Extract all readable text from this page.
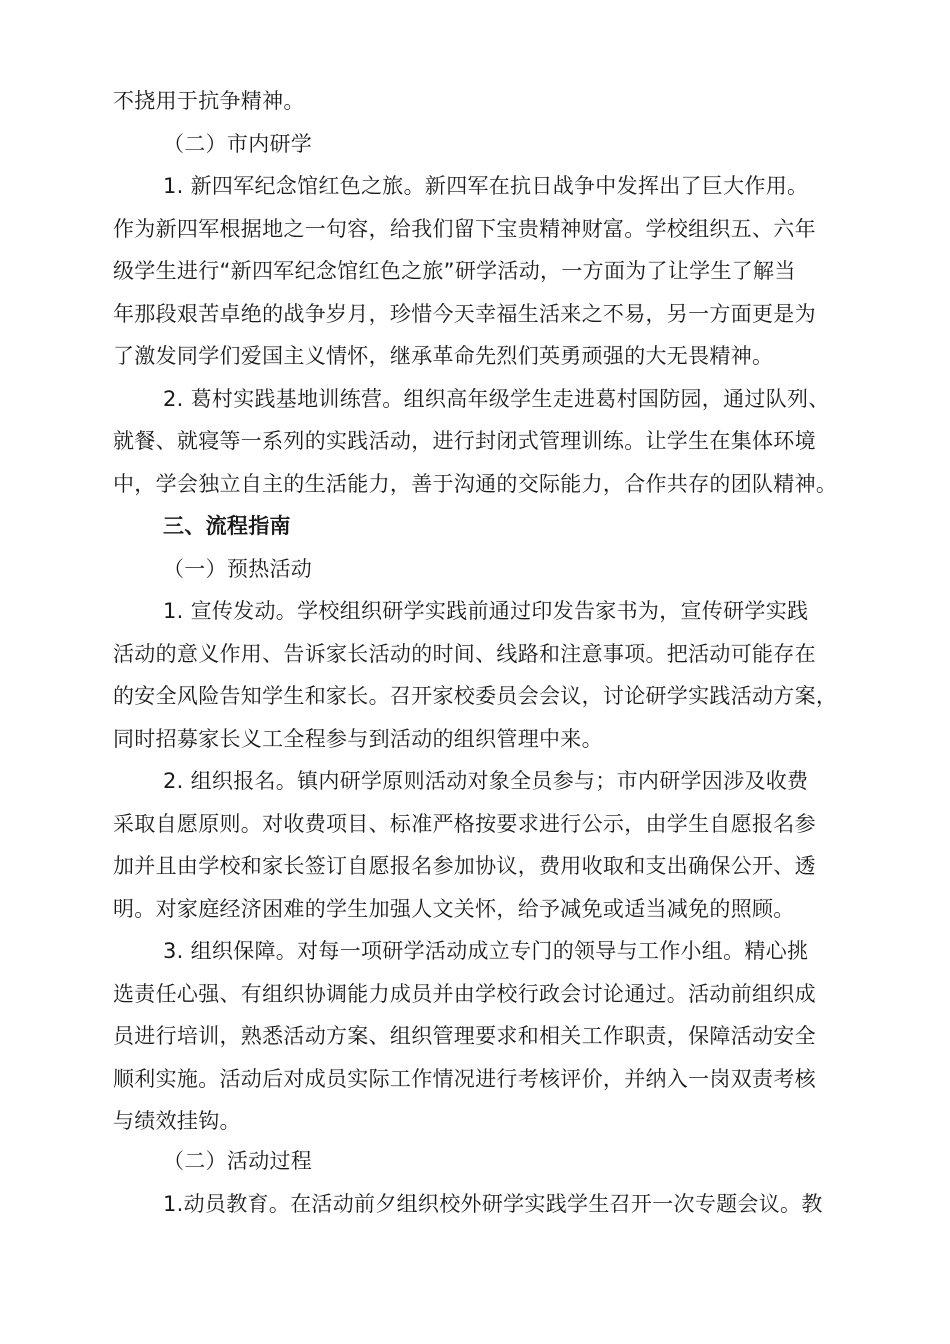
不挠用于抗争精神。
（二）市内研学
1. 新四军纪念馆红色之旅。新四军在抗日战争中发挥出了巨大作用。
作为新四军根据地之一句容，给我们留下宝贵精神财富。学校组织五、六年
级学生进行“新四军纪念馆红色之旅”研学活动，一方面为了让学生了解当
年那段艰苦卓绝的战争岁月，珍惜今天幸福生活来之不易，另一方面更是为
了激发同学们爱国主义情怀，继承革命先烈们英勇顽强的大无畏精神。
2. 葛村实践基地训练营。组织高年级学生走进葛村国防园，通过队列、
就餐、就寝等一系列的实践活动，进行封闭式管理训练。让学生在集体环境
中，学会独立自主的生活能力，善于沟通的交际能力，合作共存的团队精神。
三、流程指南
（一）预热活动
1. 宣传发动。学校组织研学实践前通过印发告家书为，宣传研学实践
活动的意义作用、告诉家长活动的时间、线路和注意事项。把活动可能存在
的安全风险告知学生和家长。召开家校委员会会议，讨论研学实践活动方案，
同时招募家长义工全程参与到活动的组织管理中来。
2. 组织报名。镇内研学原则活动对象全员参与；市内研学因涉及收费
采取自愿原则。对收费项目、标准严格按要求进行公示，由学生自愿报名参
加并且由学校和家长签订自愿报名参加协议，费用收取和支出确保公开、透
明。对家庭经济困难的学生加强人文关怀，给予减免或适当减免的照顾。
3. 组织保障。对每一项研学活动成立专门的领导与工作小组。精心挑
选责任心强、有组织协调能力成员并由学校行政会讨论通过。活动前组织成
员进行培训，熟悉活动方案、组织管理要求和相关工作职责，保障活动安全
顺利实施。活动后对成员实际工作情况进行考核评价，并纳入一岗双责考核
与绩效挂钩。
（二）活动过程
1.动员教育。在活动前夕组织校外研学实践学生召开一次专题会议。教
